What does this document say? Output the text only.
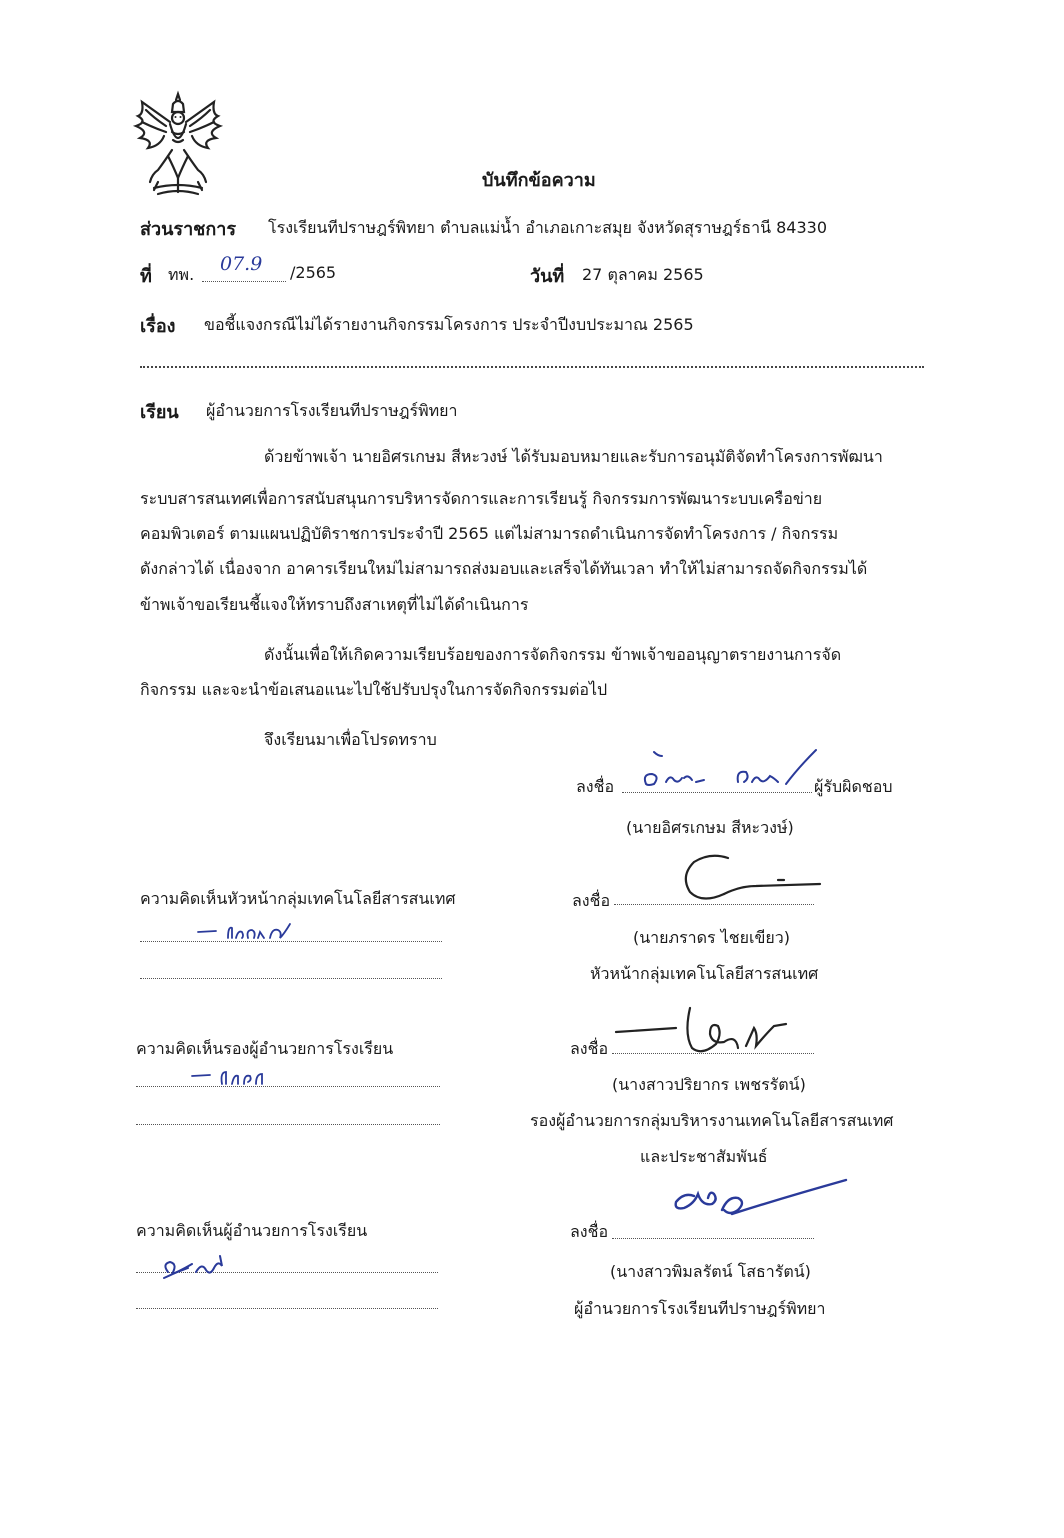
บันทึกข้อความ
ส่วนราชการ โรงเรียนทีปราษฎร์พิทยา ตำบลแม่น้ำ อำเภอเกาะสมุย จังหวัดสุราษฎร์ธานี 84330
ที่ ทพ. 07.9 /2565	วันที่ 27 ตุลาคม 2565
เรื่อง ขอชี้แจงกรณีไม่ได้รายงานกิจกรรมโครงการ ประจำปีงบประมาณ 2565
เรียน ผู้อำนวยการโรงเรียนทีปราษฎร์พิทยา
ด้วยข้าพเจ้า นายอิศรเกษม สีหะวงษ์ ได้รับมอบหมายและรับการอนุมัติจัดทำโครงการพัฒนา
ระบบสารสนเทศเพื่อการสนับสนุนการบริหารจัดการและการเรียนรู้ กิจกรรมการพัฒนาระบบเครือข่าย
คอมพิวเตอร์ ตามแผนปฏิบัติราชการประจำปี 2565 แต่ไม่สามารถดำเนินการจัดทำโครงการ / กิจกรรม
ดังกล่าวได้ เนื่องจาก อาคารเรียนใหม่ไม่สามารถส่งมอบและเสร็จได้ทันเวลา ทำให้ไม่สามารถจัดกิจกรรมได้
ข้าพเจ้าขอเรียนชี้แจงให้ทราบถึงสาเหตุที่ไม่ได้ดำเนินการ
ดังนั้นเพื่อให้เกิดความเรียบร้อยของการจัดกิจกรรม ข้าพเจ้าขออนุญาตรายงานการจัด
กิจกรรม และจะนำข้อเสนอแนะไปใช้ปรับปรุงในการจัดกิจกรรมต่อไป
จึงเรียนมาเพื่อโปรดทราบ
ลงชื่อ	ผู้รับผิดชอบ
(นายอิศรเกษม สีหะวงษ์)
ความคิดเห็นหัวหน้ากลุ่มเทคโนโลยีสารสนเทศ	ลงชื่อ
(นายภราดร ไชยเขียว)
หัวหน้ากลุ่มเทคโนโลยีสารสนเทศ
ความคิดเห็นรองผู้อำนวยการโรงเรียน	ลงชื่อ
(นางสาวปริยากร เพชรรัตน์)
รองผู้อำนวยการกลุ่มบริหารงานเทคโนโลยีสารสนเทศ
และประชาสัมพันธ์
ความคิดเห็นผู้อำนวยการโรงเรียน	ลงชื่อ
(นางสาวพิมลรัตน์ โสธารัตน์)
ผู้อำนวยการโรงเรียนทีปราษฎร์พิทยา
